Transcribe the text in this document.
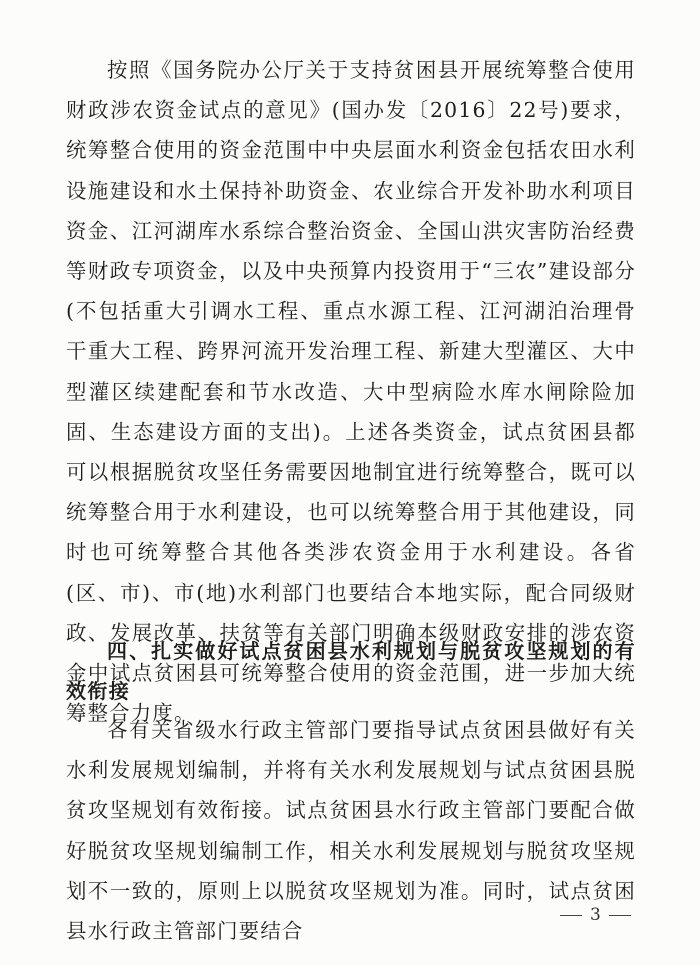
按照《国务院办公厅关于支持贫困县开展统筹整合使用财政涉农资金试点的意见》(国办发〔2016〕22号)要求，统筹整合使用的资金范围中中央层面水利资金包括农田水利设施建设和水土保持补助资金、农业综合开发补助水利项目资金、江河湖库水系综合整治资金、全国山洪灾害防治经费等财政专项资金，以及中央预算内投资用于“三农”建设部分(不包括重大引调水工程、重点水源工程、江河湖泊治理骨干重大工程、跨界河流开发治理工程、新建大型灌区、大中型灌区续建配套和节水改造、大中型病险水库水闸除险加固、生态建设方面的支出)。上述各类资金，试点贫困县都可以根据脱贫攻坚任务需要因地制宜进行统筹整合，既可以统筹整合用于水利建设，也可以统筹整合用于其他建设，同时也可统筹整合其他各类涉农资金用于水利建设。各省(区、市)、市(地)水利部门也要结合本地实际，配合同级财政、发展改革、扶贫等有关部门明确本级财政安排的涉农资金中试点贫困县可统筹整合使用的资金范围，进一步加大统筹整合力度。

四、扎实做好试点贫困县水利规划与脱贫攻坚规划的有效衔接

各有关省级水行政主管部门要指导试点贫困县做好有关水利发展规划编制，并将有关水利发展规划与试点贫困县脱贫攻坚规划有效衔接。试点贫困县水行政主管部门要配合做好脱贫攻坚规划编制工作，相关水利发展规划与脱贫攻坚规划不一致的，原则上以脱贫攻坚规划为准。同时，试点贫困县水行政主管部门要结合

3
